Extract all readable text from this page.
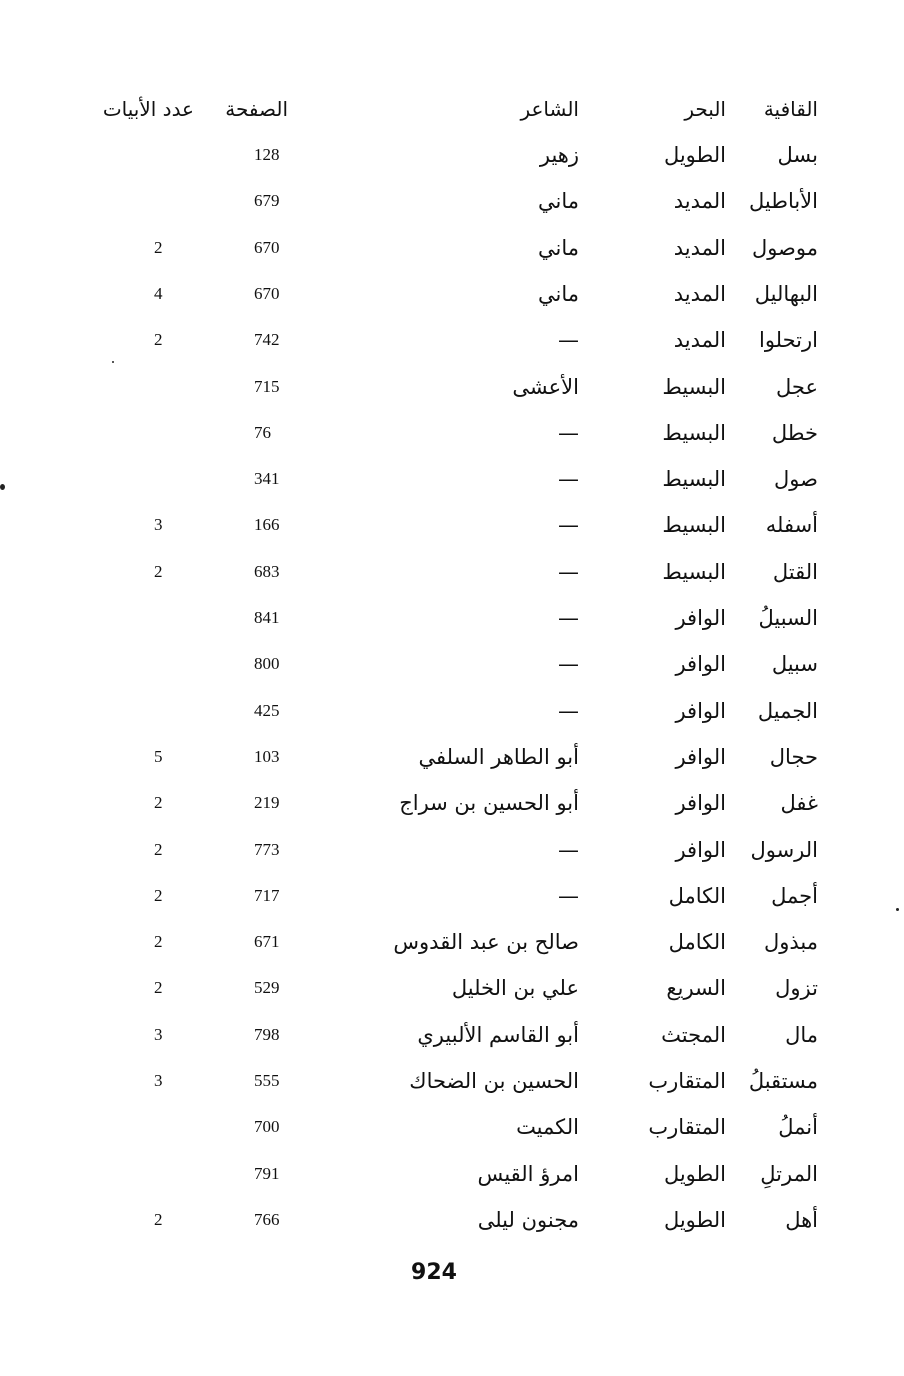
القافية
البحر
الشاعر
الصفحة
عدد الأبيات
بسل
الطويل
زهير
128
الأباطيل
المديد
ماني
679
موصول
المديد
ماني
670
2
البهاليل
المديد
ماني
670
4
ارتحلوا
المديد
—
742
2
عجل
البسيط
الأعشى
715
خطل
البسيط
—
76
صول
البسيط
—
341
أسفله
البسيط
—
166
3
القتل
البسيط
—
683
2
السبيلُ
الوافر
—
841
سبيل
الوافر
—
800
الجميل
الوافر
—
425
حجال
الوافر
أبو الطاهر السلفي
103
5
غفل
الوافر
أبو الحسين بن سراج
219
2
الرسول
الوافر
—
773
2
أجمل
الكامل
—
717
2
مبذول
الكامل
صالح بن عبد القدوس
671
2
تزول
السريع
علي بن الخليل
529
2
مال
المجتث
أبو القاسم الألبيري
798
3
مستقبلُ
المتقارب
الحسين بن الضحاك
555
3
أنملُ
المتقارب
الكميت
700
المرتلِ
الطويل
امرؤ القيس
791
أهل
الطويل
مجنون ليلى
766
2
924
